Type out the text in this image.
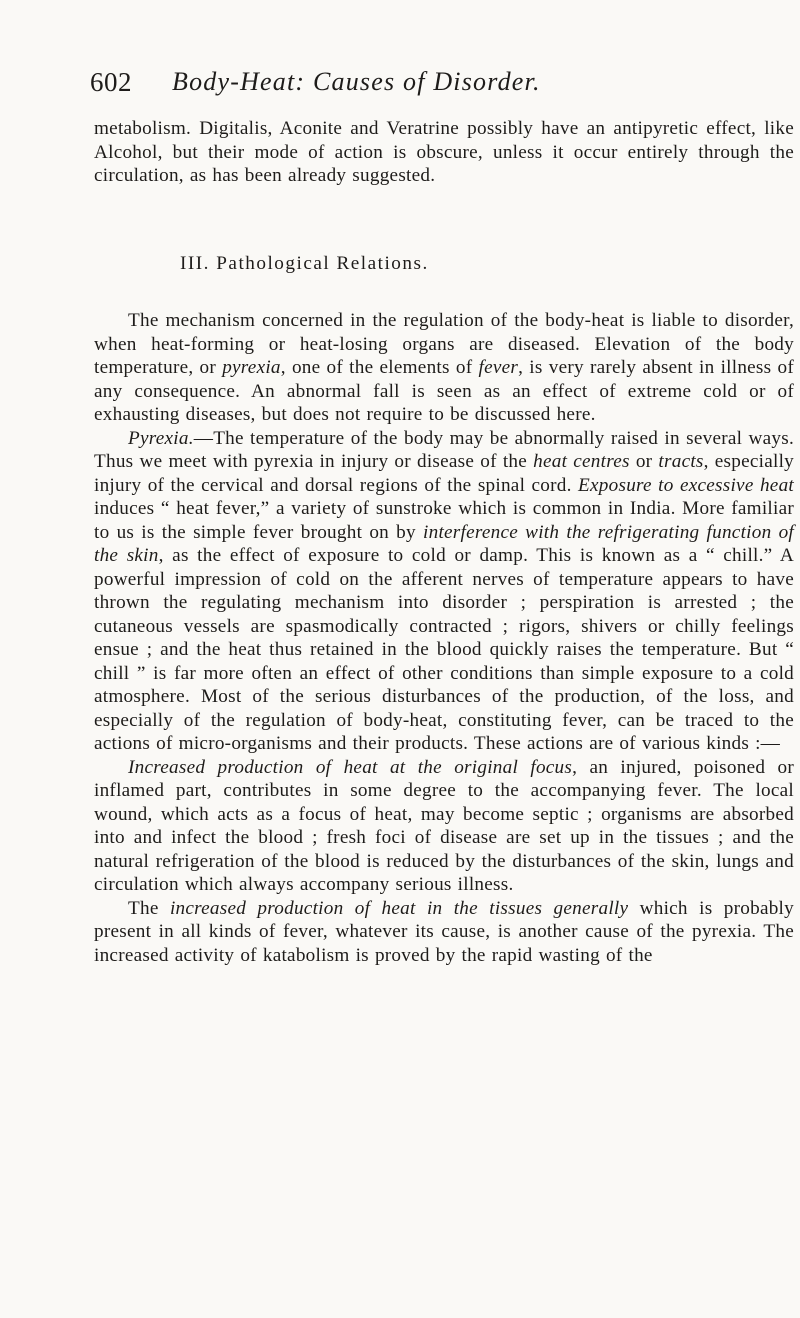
602 Body-Heat: Causes of Disorder.

metabolism. Digitalis, Aconite and Veratrine possibly have an antipyretic effect, like Alcohol, but their mode of action is obscure, unless it occur entirely through the circulation, as has been already suggested.

III. Pathological Relations.

The mechanism concerned in the regulation of the body-heat is liable to disorder, when heat-forming or heat-losing organs are diseased. Elevation of the body temperature, or pyrexia, one of the elements of fever, is very rarely absent in illness of any consequence. An abnormal fall is seen as an effect of extreme cold or of exhausting diseases, but does not require to be discussed here.

Pyrexia.—The temperature of the body may be abnormally raised in several ways. Thus we meet with pyrexia in injury or disease of the heat centres or tracts, especially injury of the cervical and dorsal regions of the spinal cord. Exposure to excessive heat induces “ heat fever,” a variety of sunstroke which is common in India. More familiar to us is the simple fever brought on by interference with the refrigerating function of the skin, as the effect of exposure to cold or damp. This is known as a “ chill.” A powerful impression of cold on the afferent nerves of temperature appears to have thrown the regulating mechanism into disorder ; perspiration is arrested ; the cutaneous vessels are spasmodically contracted ; rigors, shivers or chilly feelings ensue ; and the heat thus retained in the blood quickly raises the temperature. But “ chill ” is far more often an effect of other conditions than simple exposure to a cold atmosphere. Most of the serious disturbances of the production, of the loss, and especially of the regulation of body-heat, constituting fever, can be traced to the actions of micro-organisms and their products. These actions are of various kinds :—

Increased production of heat at the original focus, an injured, poisoned or inflamed part, contributes in some degree to the accompanying fever. The local wound, which acts as a focus of heat, may become septic ; organisms are absorbed into and infect the blood ; fresh foci of disease are set up in the tissues ; and the natural refrigeration of the blood is reduced by the disturbances of the skin, lungs and circulation which always accompany serious illness.

The increased production of heat in the tissues generally which is probably present in all kinds of fever, whatever its cause, is another cause of the pyrexia. The increased activity of katabolism is proved by the rapid wasting of the
